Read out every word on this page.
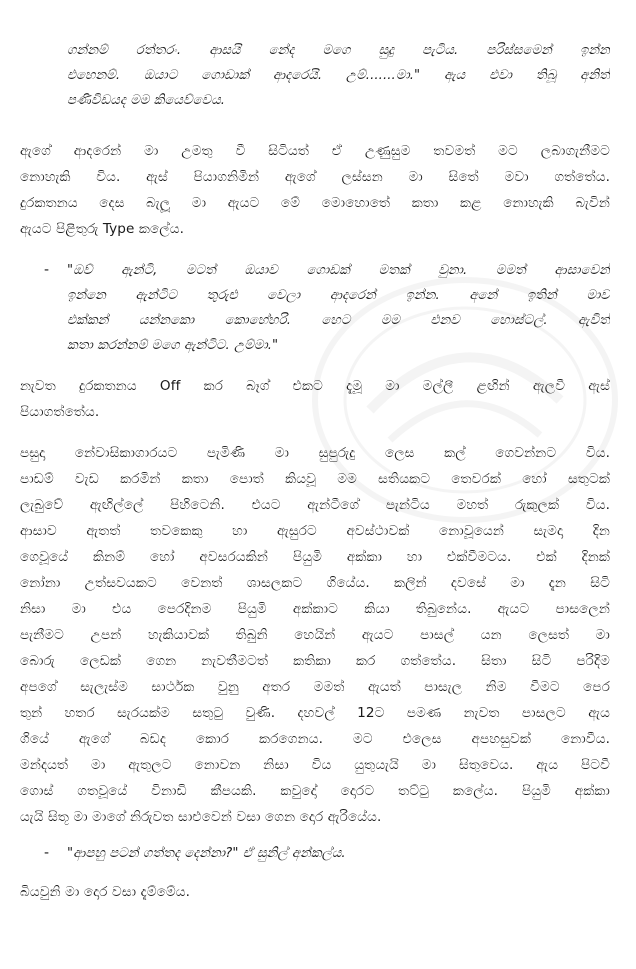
ගන්නම් රත්තරං. ආසයි නේද මගෙ සුදු පැටිය. පරිස්සමෙන් ඉන්න
එහෙනම්. ඔයාට ගොඩාක් ආදරෙයි. උම්.......මා." ඇය එවා තිබූ අනිත්
පණිවිඩයද මම කියෙව්වෙය.
ඇගේ ආදරෙන් මා උමතු වී සිටියත් ඒ උණුසුම තවමත් මට ලබාගැනීමට
නොහැකි විය. ඇස් පියාගනිමින් ඇගේ ලස්සන මා සිතේ මවා ගත්තේය.
දුරකතනය දෙස බැලූ මා ඇයට මේ මොහොතේ කතා කළ නොහැකි බැවින්
ඇයට පිළිතුරු Type කලේය.
- "ඔව් ඇන්ටි, මටත් ඔයාව ගොඩක් මතක් වුනා. මමත් ආසාවෙන්
ඉන්නෙ ඇන්ටිට තුරුළු වෙලා ආදරෙන් ඉන්න. අනේ ඉතින් මාව
එක්කන් යන්නකො කොහේහරි. හෙට මම එනව හොස්ටල්. ඇවිත්
කතා කරන්නම් මගෙ ඇන්ටිට. උම්මා."
නැවත දුරකතනය Off කර බෑග් එකට දැමූ මා මල්ලී ළඟින් ඇලවී ඇස්
පියාගත්තේය.
පසුදා නේවාසිකාගාරයට පැමිණි මා සුපුරුදු ලෙස කල් ගෙවන්නට විය.
පාඩම් වැඩ කරමින් කතා පොත් කියවූ මම සතියකට තෙවරක් හෝ සතුටක්
ලැබුවේ ඇඟිල්ලේ පිහිටෙනි. එයට ඇන්ටීගේ පැන්ටිය මහත් රුකුලක් විය.
ආසාව ඇතත් තවකෙකු හා ඇසුරට අවස්ථාවක් නොවූයෙන් සැමදා දින
ගෙවූයේ කිනම් හෝ අවසරයකින් පියුමි අක්කා හා එක්වීමටය. එක් දිනක්
නෝනා උත්සවයකට වෙනත් ශාසලකට ගියේය. කලින් දවසේ මා දැන සිටි
නිසා මා එය පෙරදිනම පියුමි අක්කාට කියා තිබුනේය. ඇයට පාසලෙන්
පැනීමට උපන් හැකියාවක් තිබුනි හෙයින් ඇයට පාසල් යන ලෙසත් මා
බොරු ලෙඩක් ගෙන නැවතීමටත් කතිකා කර ගත්තේය. සිතා සිටි පරිදිම
අපගේ සැලැස්ම සාර්ථක වුනු අතර මමත් ඇයත් පාසැල නිම වීමට පෙර
තුන් හතර සැරයක්ම සතුටු වුණි. දහවල් 12ට පමණ නැවත පාසලට ඇය
ගියේ ඇගේ බඩද කොර කරගෙනය. මට එලෙස අපහසුවක් නොවීය.
මන්දයත් මා ඇතුලට නොවන නිසා විය යුතුයැයි මා සිතුවෙය. ඇය පිටවී
ගොස් ගතවූයේ විනාඩි කීපයකි. කවුදෝ දොරට තට්ටු කලේය. පියුමි අක්කා
යැයි සිතූ මා මාගේ නිරුවත සාළුවෙන් වසා ගෙන දොර ඇරියේය.
- "ආපහු පටන් ගත්තද දෙන්නා?" ඒ සුනිල් අන්කල්ය.
බියවුනි මා දොර වසා දැම්මේය.
